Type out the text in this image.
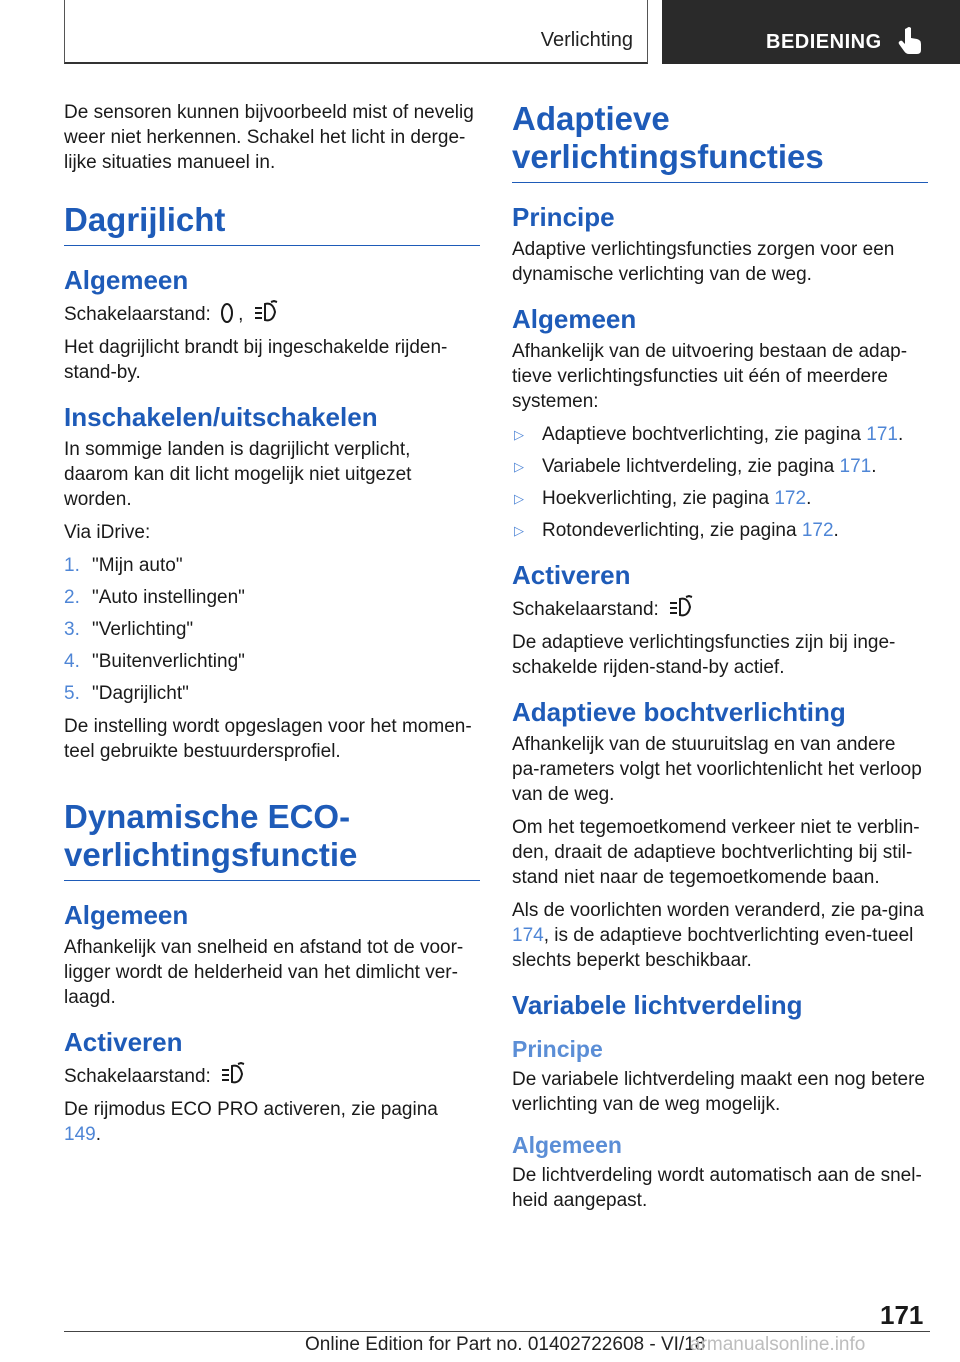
Verlichting	BEDIENING

De sensoren kunnen bijvoorbeeld mist of nevelig weer niet herkennen. Schakel het licht in derge-lijke situaties manueel in.

Dagrijlicht
Algemeen

Schakelaarstand: ,

Het dagrijlicht brandt bij ingeschakelde rijden-stand-by.

Inschakelen/uitschakelen

In sommige landen is dagrijlicht verplicht, daarom kan dit licht mogelijk niet uitgezet worden.

Via iDrive:

1. "Mijn auto"
2. "Auto instellingen"
3. "Verlichting"
4. "Buitenverlichting"
5. "Dagrijlicht"

De instelling wordt opgeslagen voor het momen-teel gebruikte bestuurdersprofiel.

Dynamische ECO-verlichtingsfunctie
Algemeen

Afhankelijk van snelheid en afstand tot de voor-ligger wordt de helderheid van het dimlicht ver-laagd.

Activeren

Schakelaarstand:

De rijmodus ECO PRO activeren, zie pagina 149.

Adaptieve verlichtingsfuncties
Principe

Adaptive verlichtingsfuncties zorgen voor een dynamische verlichting van de weg.

Algemeen

Afhankelijk van de uitvoering bestaan de adap-tieve verlichtingsfuncties uit één of meerdere systemen:

▷ Adaptieve bochtverlichting, zie pagina 171.
▷ Variabele lichtverdeling, zie pagina 171.
▷ Hoekverlichting, zie pagina 172.
▷ Rotondeverlichting, zie pagina 172.
Activeren

Schakelaarstand:

De adaptieve verlichtingsfuncties zijn bij inge-schakelde rijden-stand-by actief.

Adaptieve bochtverlichting

Afhankelijk van de stuuruitslag en van andere pa-rameters volgt het voorlichtenlicht het verloop van de weg.

Om het tegemoetkomend verkeer niet te verblin-den, draait de adaptieve bochtverlichting bij stil-stand niet naar de tegemoetkomende baan.

Als de voorlichten worden veranderd, zie pa-gina 174, is de adaptieve bochtverlichting even-tueel slechts beperkt beschikbaar.

Variabele lichtverdeling
Principe

De variabele lichtverdeling maakt een nog betere verlichting van de weg mogelijk.

Algemeen

De lichtverdeling wordt automatisch aan de snel-heid aangepast.

171
Online Edition for Part no. 01402722608 - VI/18
armanualsonline.info
